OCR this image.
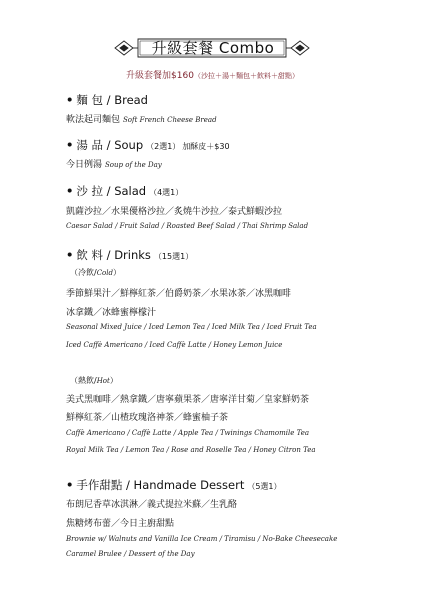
升級套餐 Combo
升級套餐加$160（沙拉＋湯＋麵包＋飲料＋甜點）
• 麵 包 / Bread
軟法起司麵包 Soft French Cheese Bread
• 湯 品 / Soup （2選1） 加酥皮＋$30
今日例湯 Soup of the Day
• 沙 拉 / Salad （4選1）
凱薩沙拉／水果優格沙拉／炙燒牛沙拉／泰式鮮蝦沙拉
Caesar Salad / Fruit Salad / Roasted Beef Salad / Thai Shrimp Salad
• 飲 料 / Drinks （15選1）
（冷飲/Cold）
季節鮮果汁／鮮檸紅茶／伯爵奶茶／水果冰茶／冰黑咖啡
冰拿鐵／冰蜂蜜檸檬汁
Seasonal Mixed Juice / Iced Lemon Tea / Iced Milk Tea / Iced Fruit Tea
Iced Caffè Americano / Iced Caffè Latte / Honey Lemon Juice
（熱飲/Hot）
美式黑咖啡／熱拿鐵／唐寧蘋果茶／唐寧洋甘菊／皇家鮮奶茶
鮮檸紅茶／山楂玫瑰洛神茶／蜂蜜柚子茶
Caffè Americano / Caffè Latte / Apple Tea / Twinings Chamomile Tea
Royal Milk Tea / Lemon Tea / Rose and Roselle Tea / Honey Citron Tea
• 手作甜點 / Handmade Dessert （5選1）
布朗尼香草冰淇淋／義式提拉米蘇／生乳酪
焦糖烤布蕾／今日主廚甜點
Brownie w/ Walnuts and Vanilla Ice Cream / Tiramisu / No-Bake Cheesecake
Caramel Brulee / Dessert of the Day
